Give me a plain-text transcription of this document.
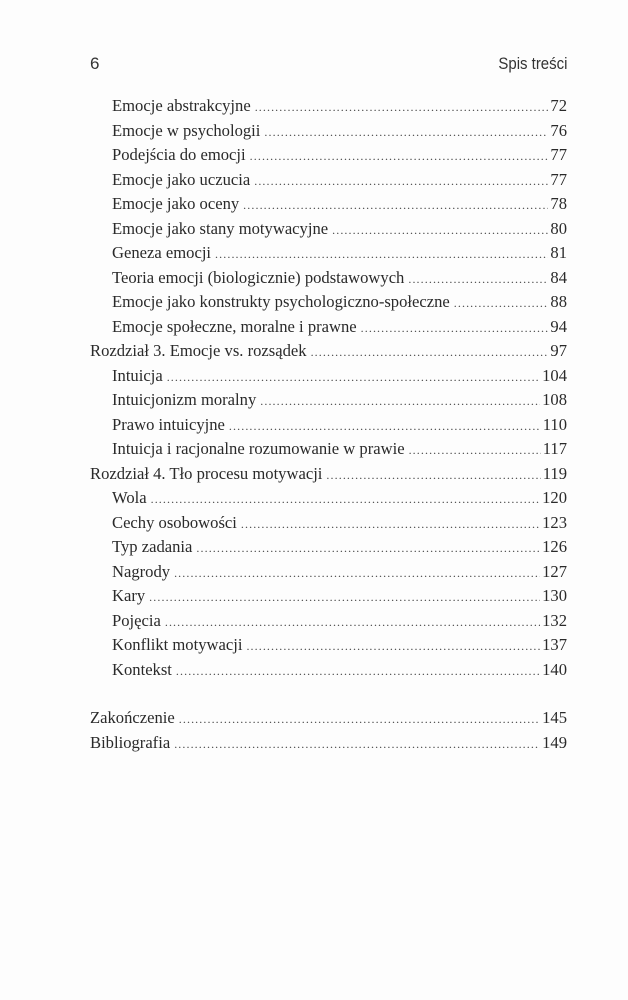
6	Spis treści
Emocje abstrakcyjne .....	72
Emocje w psychologii .....	76
Podejścia do emocji .....	77
Emocje jako uczucia .....	77
Emocje jako oceny .....	78
Emocje jako stany motywacyjne .....	80
Geneza emocji .....	81
Teoria emocji (biologicznie) podstawowych .....	84
Emocje jako konstrukty psychologiczno-społeczne .....	88
Emocje społeczne, moralne i prawne .....	94
Rozdział 3. Emocje vs. rozsądek .....	97
Intuicja .....	104
Intuicjonizm moralny .....	108
Prawo intuicyjne .....	110
Intuicja i racjonalne rozumowanie w prawie .....	117
Rozdział 4. Tło procesu motywacji .....	119
Wola .....	120
Cechy osobowości .....	123
Typ zadania .....	126
Nagrody .....	127
Kary .....	130
Pojęcia .....	132
Konflikt motywacji .....	137
Kontekst .....	140
Zakończenie .....	145
Bibliografia .....	149
